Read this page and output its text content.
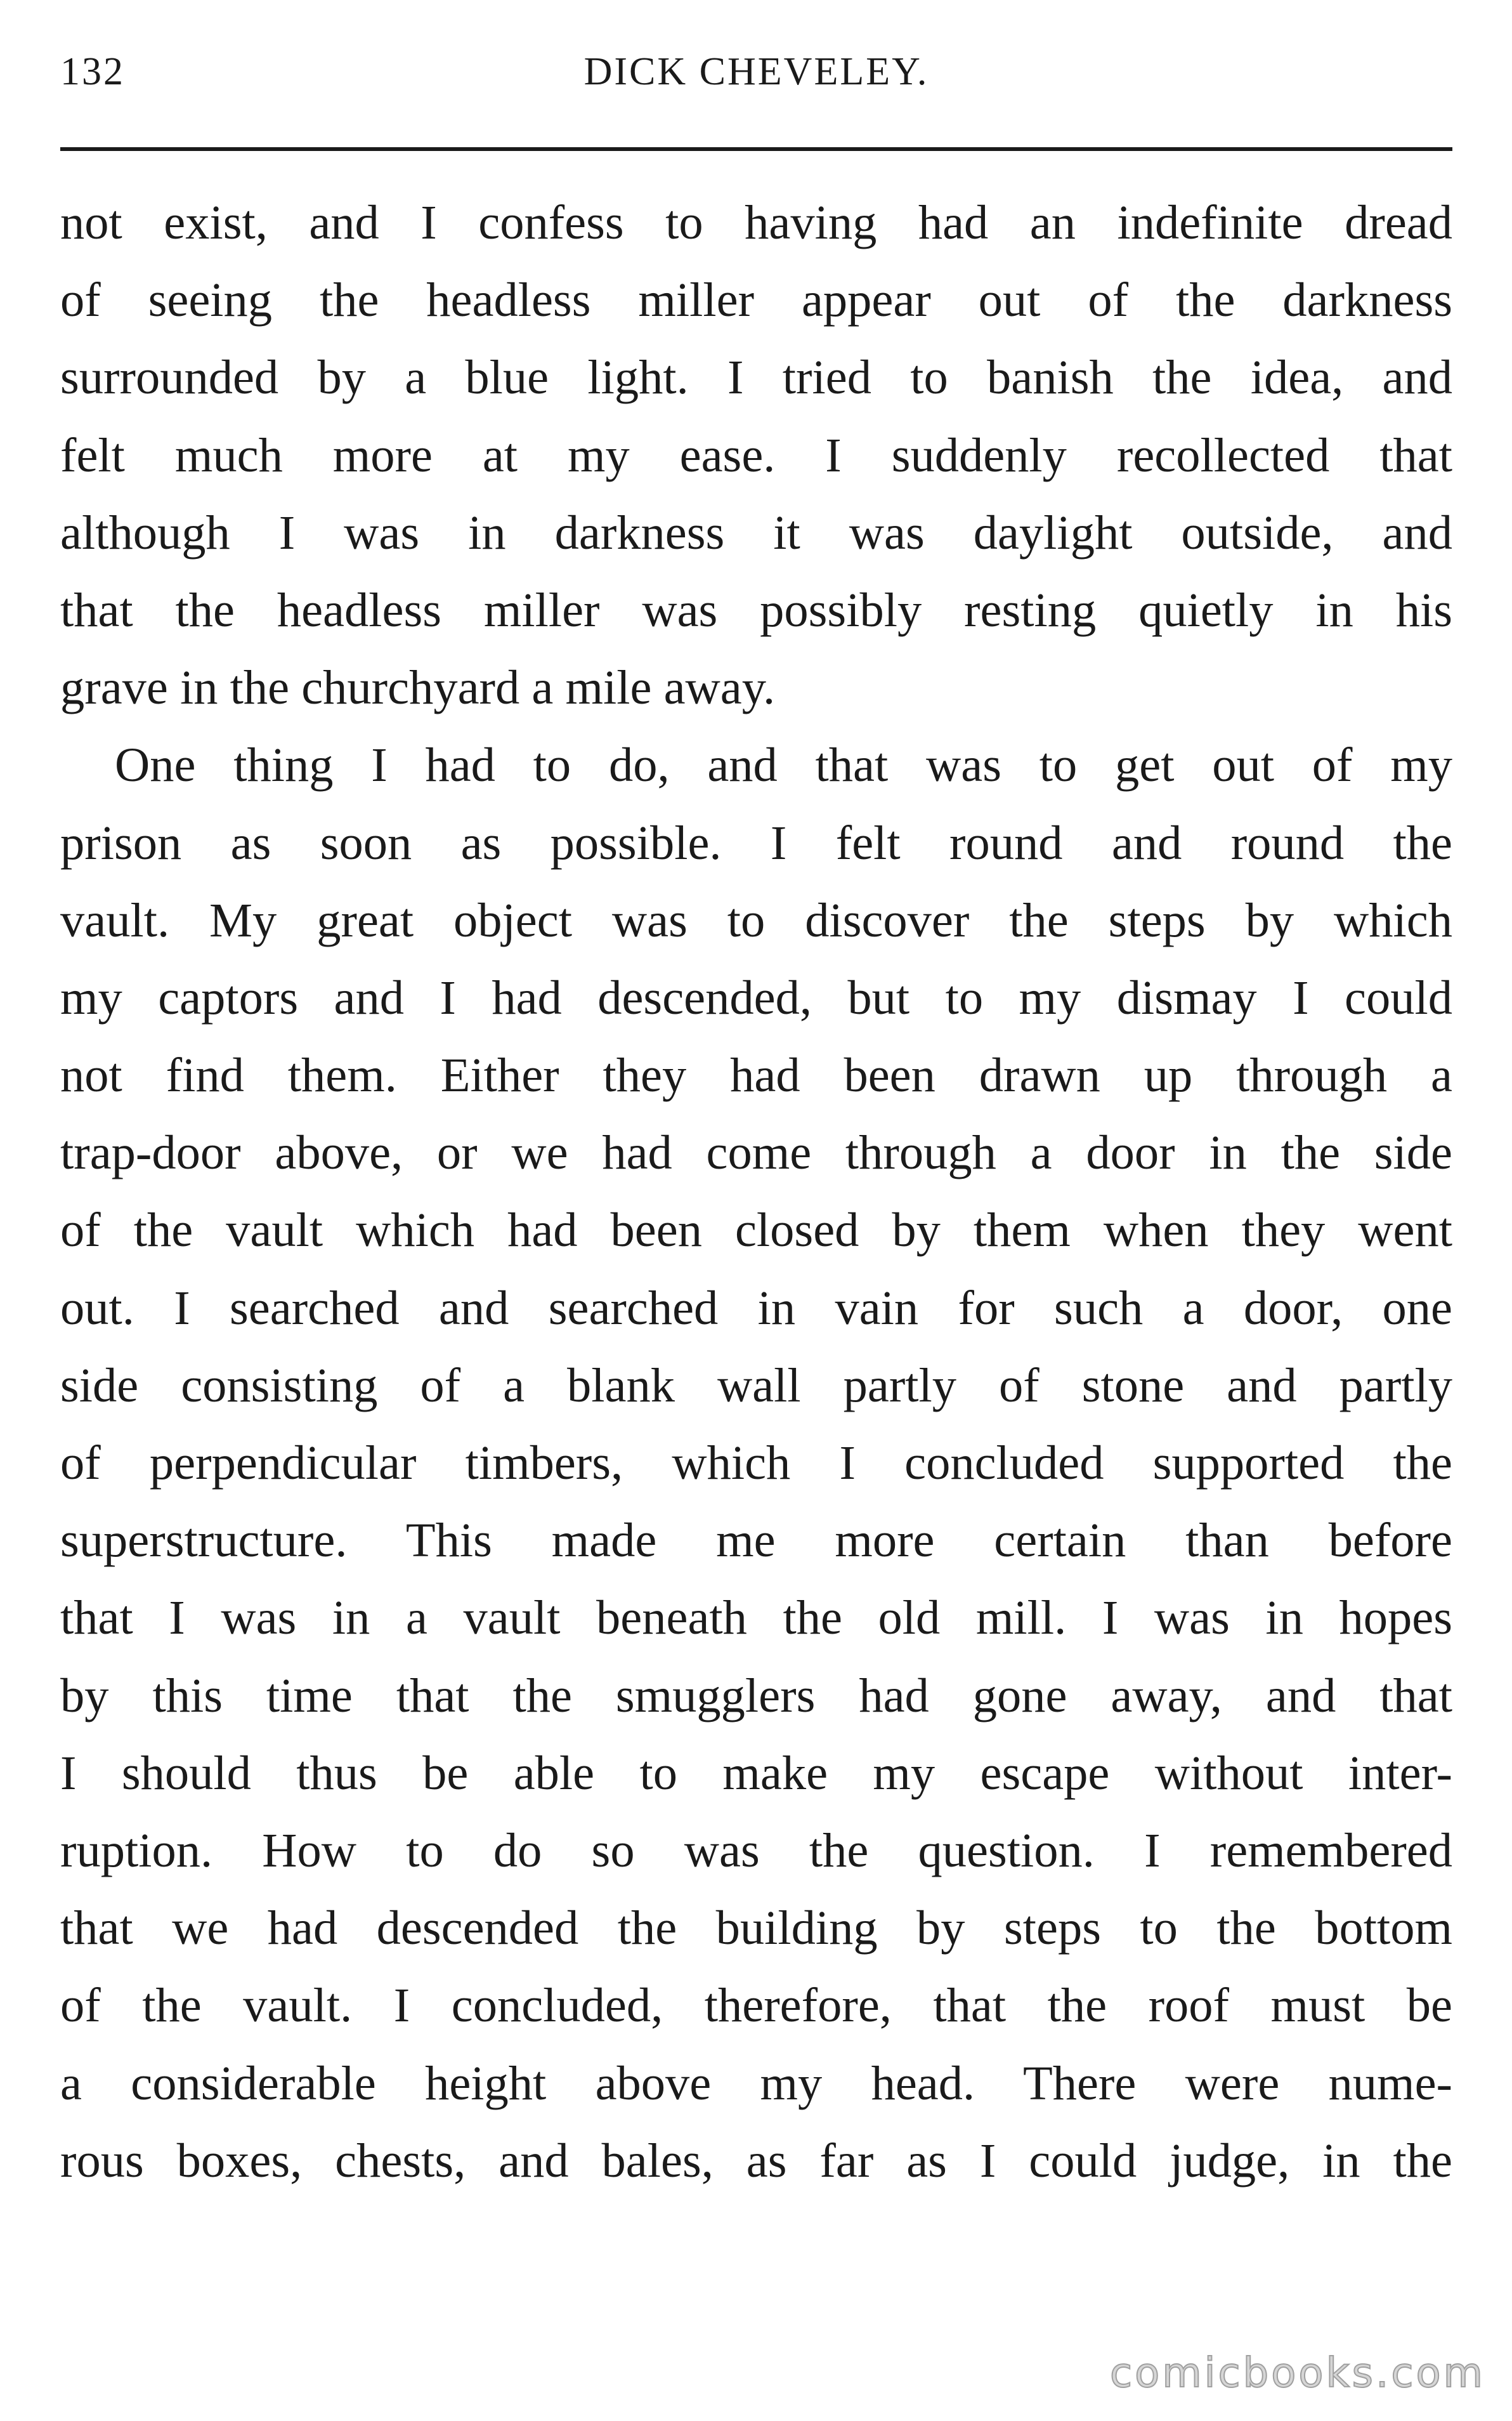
132	DICK CHEVELEY.
not exist, and I confess to having had an indefinite dread
of seeing the headless miller appear out of the darkness
surrounded by a blue light. I tried to banish the idea, and
felt much more at my ease. I suddenly recollected that
although I was in darkness it was daylight outside, and
that the headless miller was possibly resting quietly in his
grave in the churchyard a mile away.
One thing I had to do, and that was to get out of my
prison as soon as possible. I felt round and round the
vault. My great object was to discover the steps by which
my captors and I had descended, but to my dismay I could
not find them. Either they had been drawn up through a
trap-door above, or we had come through a door in the side
of the vault which had been closed by them when they went
out. I searched and searched in vain for such a door, one
side consisting of a blank wall partly of stone and partly
of perpendicular timbers, which I concluded supported the
superstructure. This made me more certain than before
that I was in a vault beneath the old mill. I was in hopes
by this time that the smugglers had gone away, and that
I should thus be able to make my escape without inter-
ruption. How to do so was the question. I remembered
that we had descended the building by steps to the bottom
of the vault. I concluded, therefore, that the roof must be
a considerable height above my head. There were nume-
rous boxes, chests, and bales, as far as I could judge, in the
comicbooks.com
